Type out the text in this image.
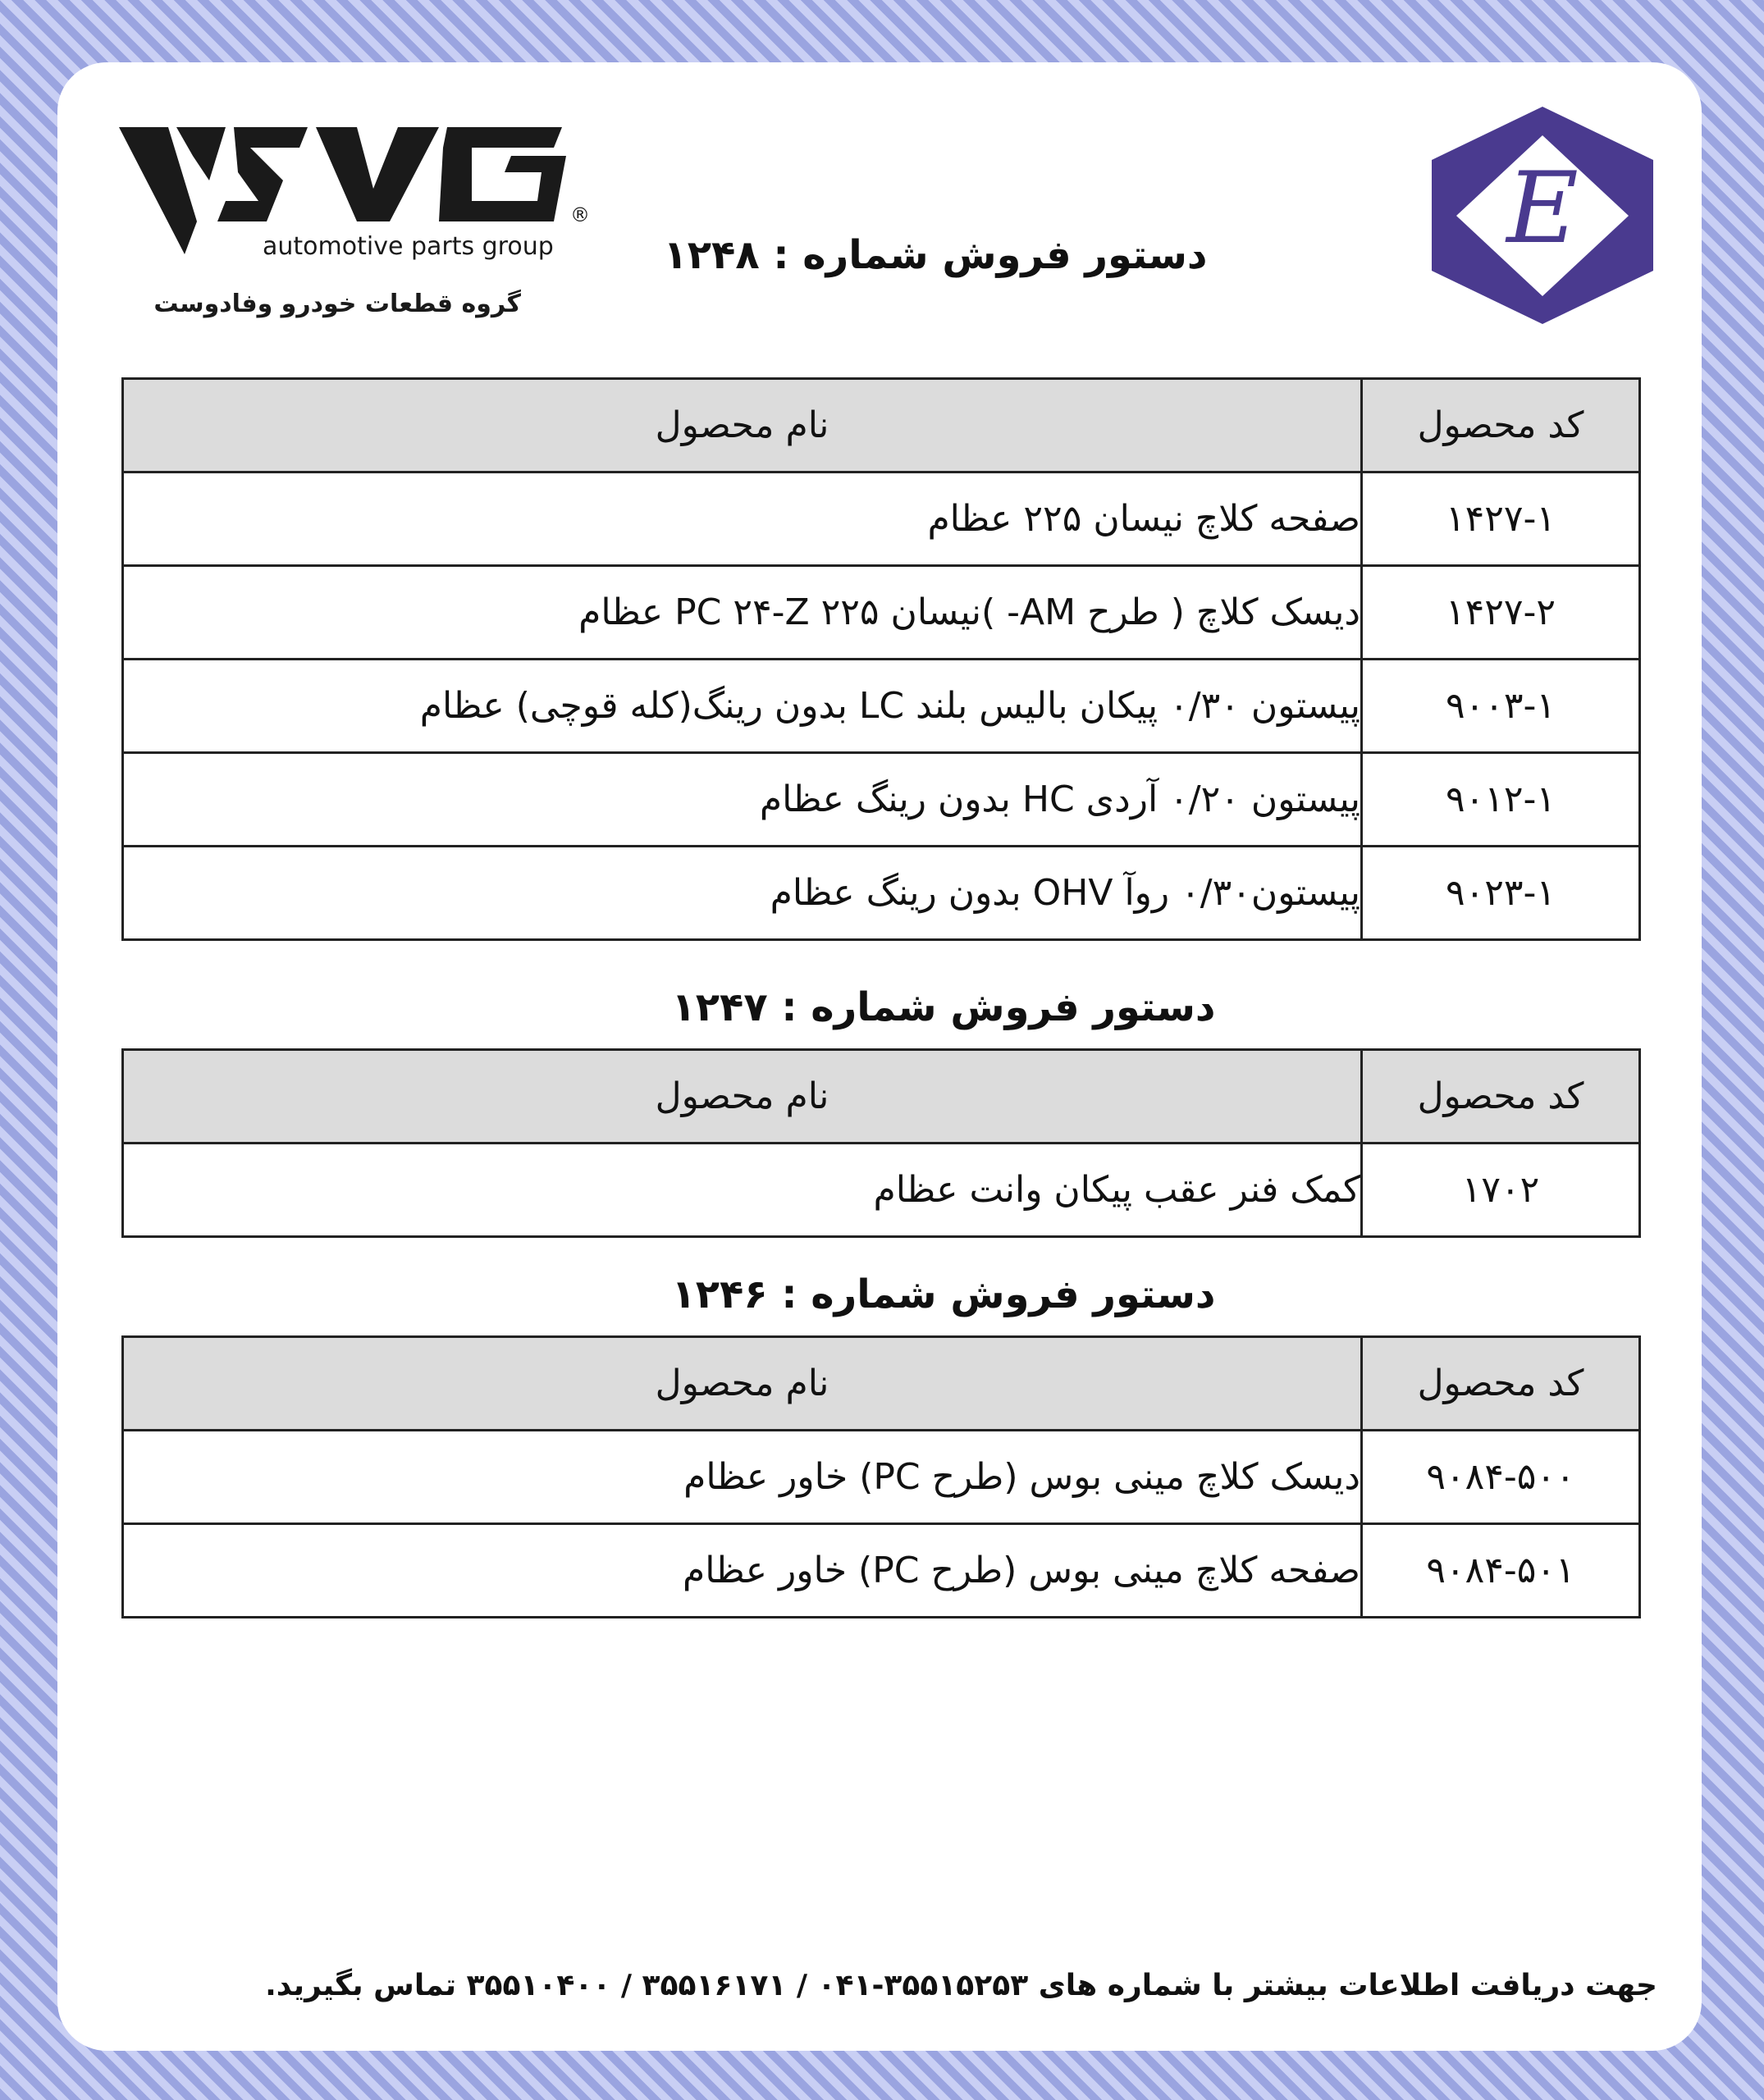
®
automotive parts group
گروه قطعات خودرو وفادوست
E
دستور فروش شماره : ۱۲۴۸
کد محصول	نام محصول
۱۴۲۷-۱	صفحه کلاچ نیسان ۲۲۵ عظام
۱۴۲۷-۲	دیسک کلاچ ( طرح AM- )نیسان ۲۲۵ PC ۲۴-Z عظام
۹۰۰۳-۱	پیستون ۰/۳۰ پیکان بالیس بلند LC بدون رینگ(کله قوچی) عظام
۹۰۱۲-۱	پیستون ۰/۲۰ آردی HC بدون رینگ عظام
۹۰۲۳-۱	پیستون۰/۳۰ روآ OHV بدون رینگ عظام
دستور فروش شماره : ۱۲۴۷
کد محصول	نام محصول
۱۷۰۲	کمک فنر عقب پیکان وانت عظام
دستور فروش شماره : ۱۲۴۶
کد محصول	نام محصول
۹۰۸۴-۵۰۰	دیسک کلاچ مینی بوس (طرح PC) خاور عظام
۹۰۸۴-۵۰۱	صفحه کلاچ مینی بوس (طرح PC) خاور عظام
جهت دریافت اطلاعات بیشتر با شماره های ۳۵۵۱۵۲۵۳-۰۴۱ / ۳۵۵۱۶۱۷۱ / ۳۵۵۱۰۴۰۰ تماس بگیرید.
